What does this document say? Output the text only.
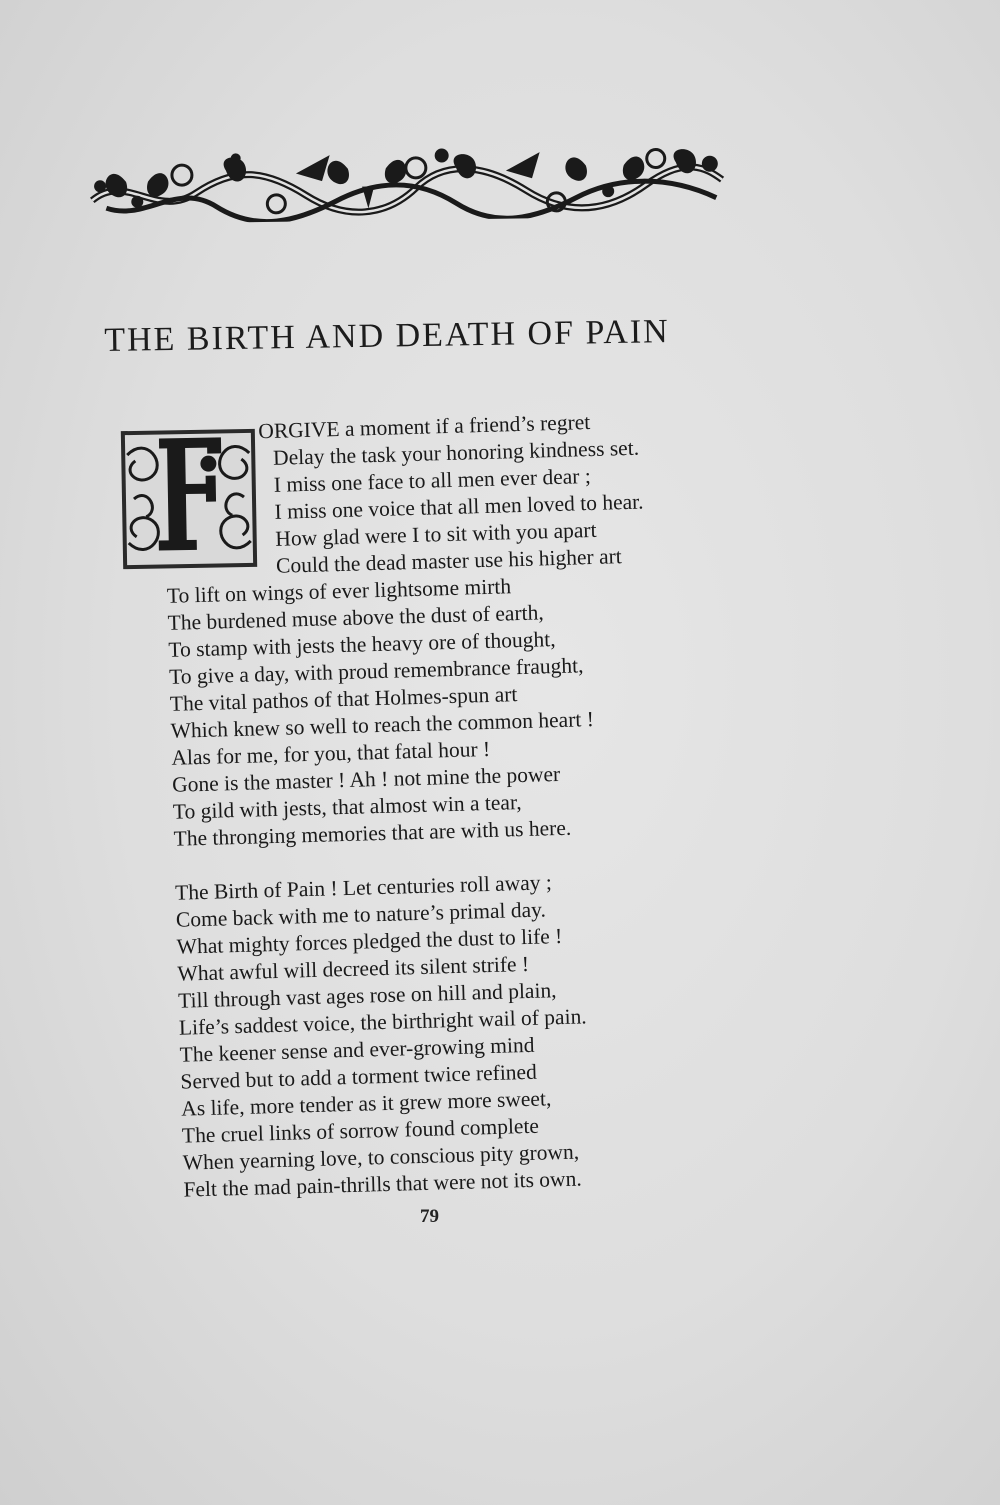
THE BIRTH AND DEATH OF PAIN
ORGIVE a moment if a friend’s regret
Delay the task your honoring kindness set.
I miss one face to all men ever dear ;
I miss one voice that all men loved to hear.
How glad were I to sit with you apart
Could the dead master use his higher art
To lift on wings of ever lightsome mirth
The burdened muse above the dust of earth,
To stamp with jests the heavy ore of thought,
To give a day, with proud remembrance fraught,
The vital pathos of that Holmes-spun art
Which knew so well to reach the common heart !
Alas for me, for you, that fatal hour !
Gone is the master ! Ah ! not mine the power
To gild with jests, that almost win a tear,
The thronging memories that are with us here.
The Birth of Pain ! Let centuries roll away ;
Come back with me to nature’s primal day.
What mighty forces pledged the dust to life !
What awful will decreed its silent strife !
Till through vast ages rose on hill and plain,
Life’s saddest voice, the birthright wail of pain.
The keener sense and ever-growing mind
Served but to add a torment twice refined
As life, more tender as it grew more sweet,
The cruel links of sorrow found complete
When yearning love, to conscious pity grown,
Felt the mad pain-thrills that were not its own.
79
